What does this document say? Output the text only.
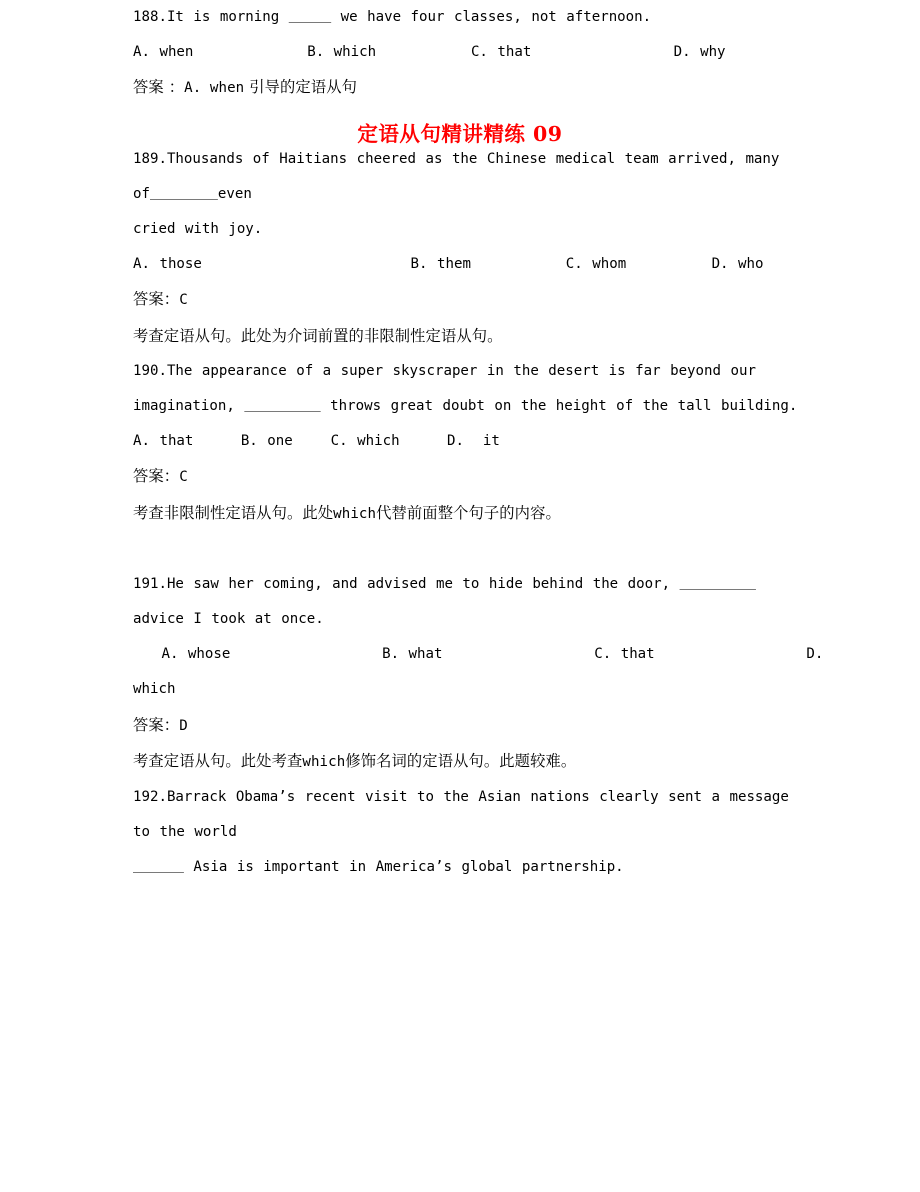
定语从句精讲精练 09
188.It is morning	we have four classes, not afternoon.
A. when            B. which          C. that               D. why
答案 ：A. when 引导的定语从句
189.Thousands of Haitians cheered as the Chinese medical team arrived, many
of	even
cried with joy.
A. those                      B. them          C. whom         D. who
答案：C
考查定语从句。此处为介词前置的非限制性定语从句。
190.The appearance of a super skyscraper in the desert is far beyond our
imagination,	throws great doubt on the height of the tall building.
A. that     B. one    C. which     D.  it
答案：C
考查非限制性定语从句。此处which代替前面整个句子的内容。
191.He saw her coming, and advised me to hide behind the door,
advice I took at once.
A. whose                B. what                C. that                D.
which
答案：D
考查定语从句。此处考查which修饰名词的定语从句。此题较难。
192.Barrack Obama’s recent visit to the Asian nations clearly sent a message
to the world
Asia is important in America’s global partnership.
